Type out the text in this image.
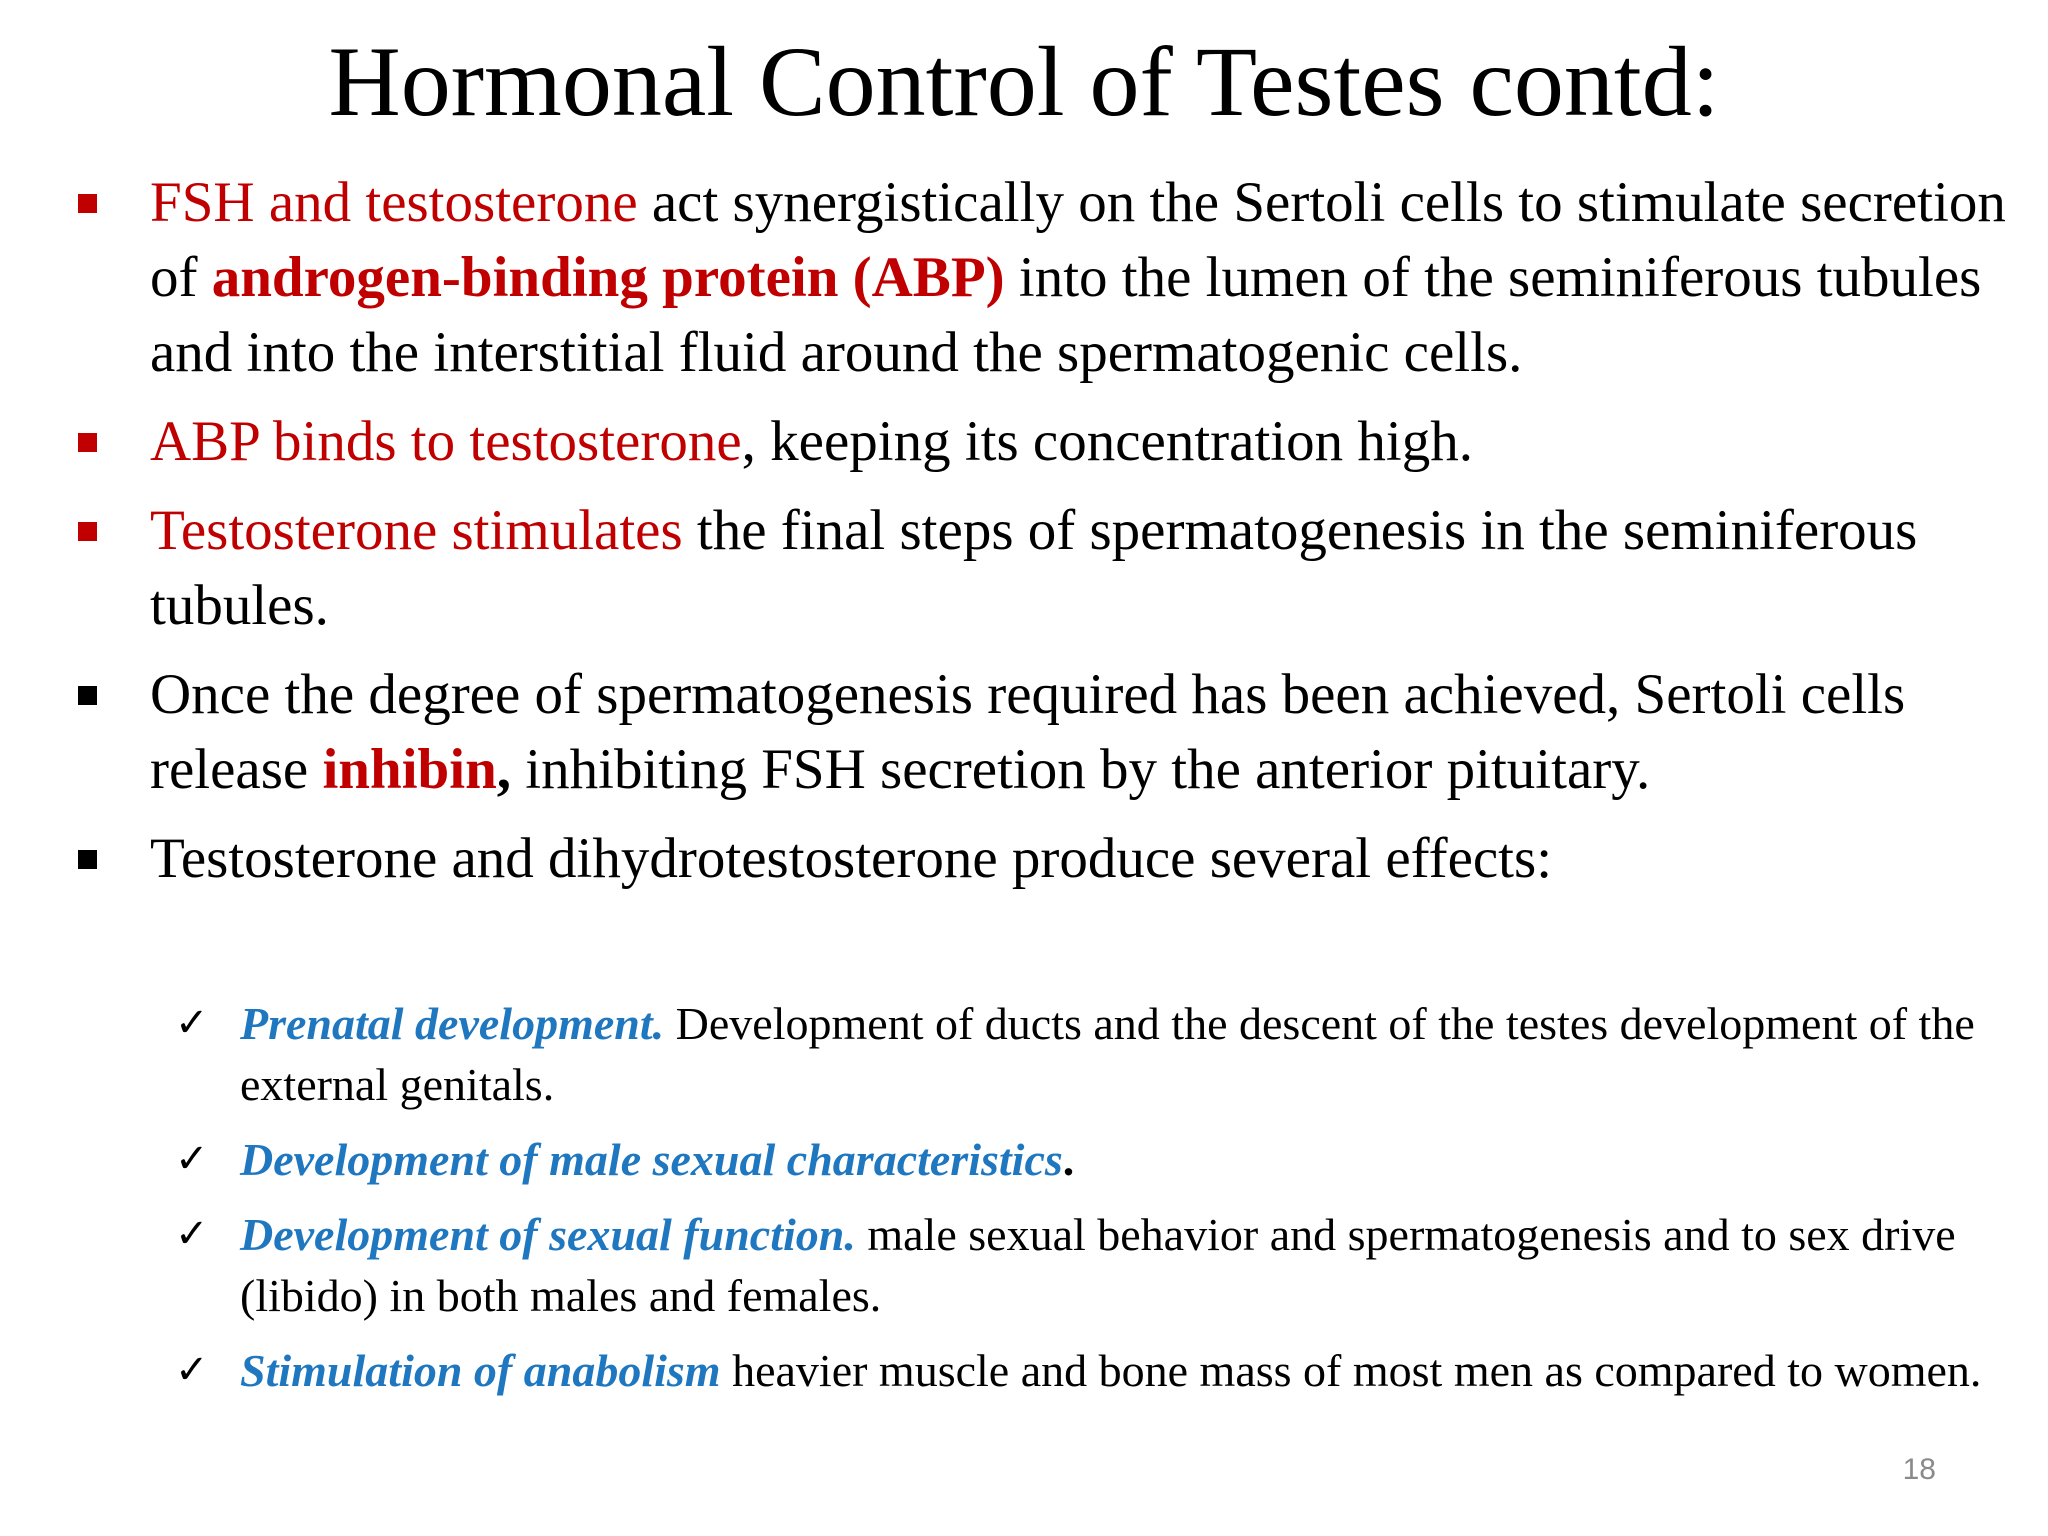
Hormonal Control of Testes contd:
FSH and testosterone act synergistically on the Sertoli cells to stimulate secretion of androgen-binding protein (ABP) into the lumen of the seminiferous tubules and into the interstitial fluid around the spermatogenic cells.
ABP binds to testosterone, keeping its concentration high.
Testosterone stimulates the final steps of spermatogenesis in the seminiferous tubules.
Once the degree of spermatogenesis required has been achieved, Sertoli cells release inhibin, inhibiting FSH secretion by the anterior pituitary.
Testosterone and dihydrotestosterone produce several effects:
✓ Prenatal development. Development of ducts and the descent of the testes development of the external genitals.
✓ Development of male sexual characteristics.
✓ Development of sexual function. male sexual behavior and spermatogenesis and to sex drive (libido) in both males and females.
✓ Stimulation of anabolism heavier muscle and bone mass of most men as compared to women.
18
